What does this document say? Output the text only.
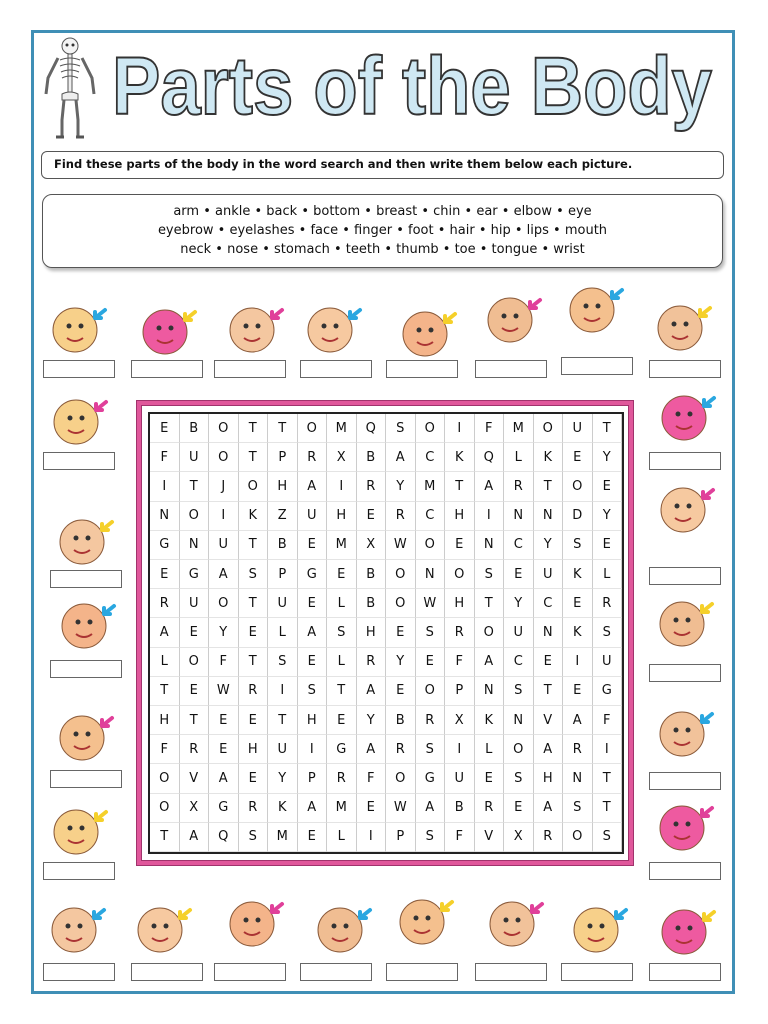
Parts of the Body
Find these parts of the body in the word search and then write them below each picture.
arm • ankle • back • bottom • breast • chin • ear • elbow • eye
eyebrow • eyelashes • face • finger • foot • hair • hip • lips • mouth
neck • nose • stomach • teeth • thumb • toe • tongue • wrist
E	B	O	T	T	O	M	Q	S	O	I	F	M	O	U	T
F	U	O	T	P	R	X	B	A	C	K	Q	L	K	E	Y
I	T	J	O	H	A	I	R	Y	M	T	A	R	T	O	E
N	O	I	K	Z	U	H	E	R	C	H	I	N	N	D	Y
G	N	U	T	B	E	M	X	W	O	E	N	C	Y	S	E
E	G	A	S	P	G	E	B	O	N	O	S	E	U	K	L
R	U	O	T	U	E	L	B	O	W	H	T	Y	C	E	R
A	E	Y	E	L	A	S	H	E	S	R	O	U	N	K	S
L	O	F	T	S	E	L	R	Y	E	F	A	C	E	I	U
T	E	W	R	I	S	T	A	E	O	P	N	S	T	E	G
H	T	E	E	T	H	E	Y	B	R	X	K	N	V	A	F
F	R	E	H	U	I	G	A	R	S	I	L	O	A	R	I
O	V	A	E	Y	P	R	F	O	G	U	E	S	H	N	T
O	X	G	R	K	A	M	E	W	A	B	R	E	A	S	T
T	A	Q	S	M	E	L	I	P	S	F	V	X	R	O	S
